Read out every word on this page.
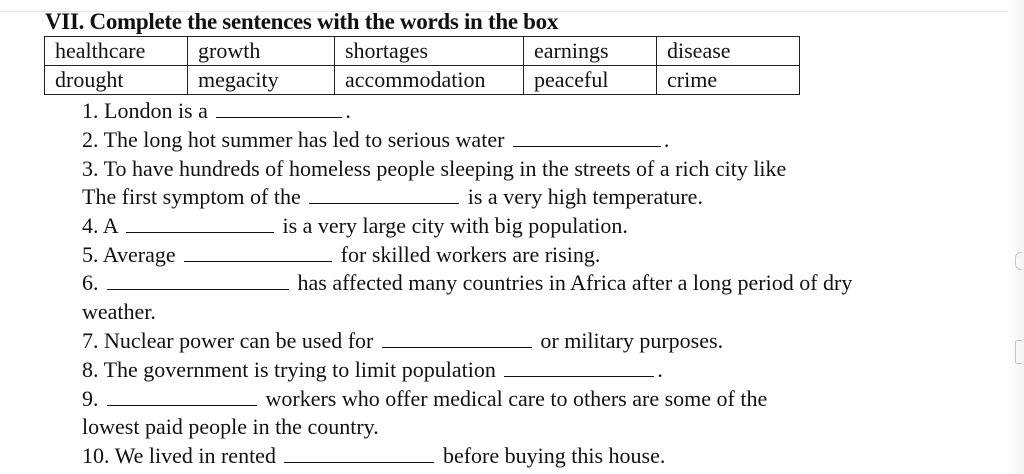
VII. Complete the sentences with the words in the box
healthcare	growth	shortages	earnings	disease
drought	megacity	accommodation	peaceful	crime
1. London is a	.
2. The long hot summer has led to serious water	.
3. To have hundreds of homeless people sleeping in the streets of a rich city like
The first symptom of the	is a very high temperature.
4. A	is a very large city with big population.
5. Average	for skilled workers are rising.
6.	has affected many countries in Africa after a long period of dry
weather.
7. Nuclear power can be used for	or military purposes.
8. The government is trying to limit population	.
9.	workers who offer medical care to others are some of the
lowest paid people in the country.
10. We lived in rented	before buying this house.
